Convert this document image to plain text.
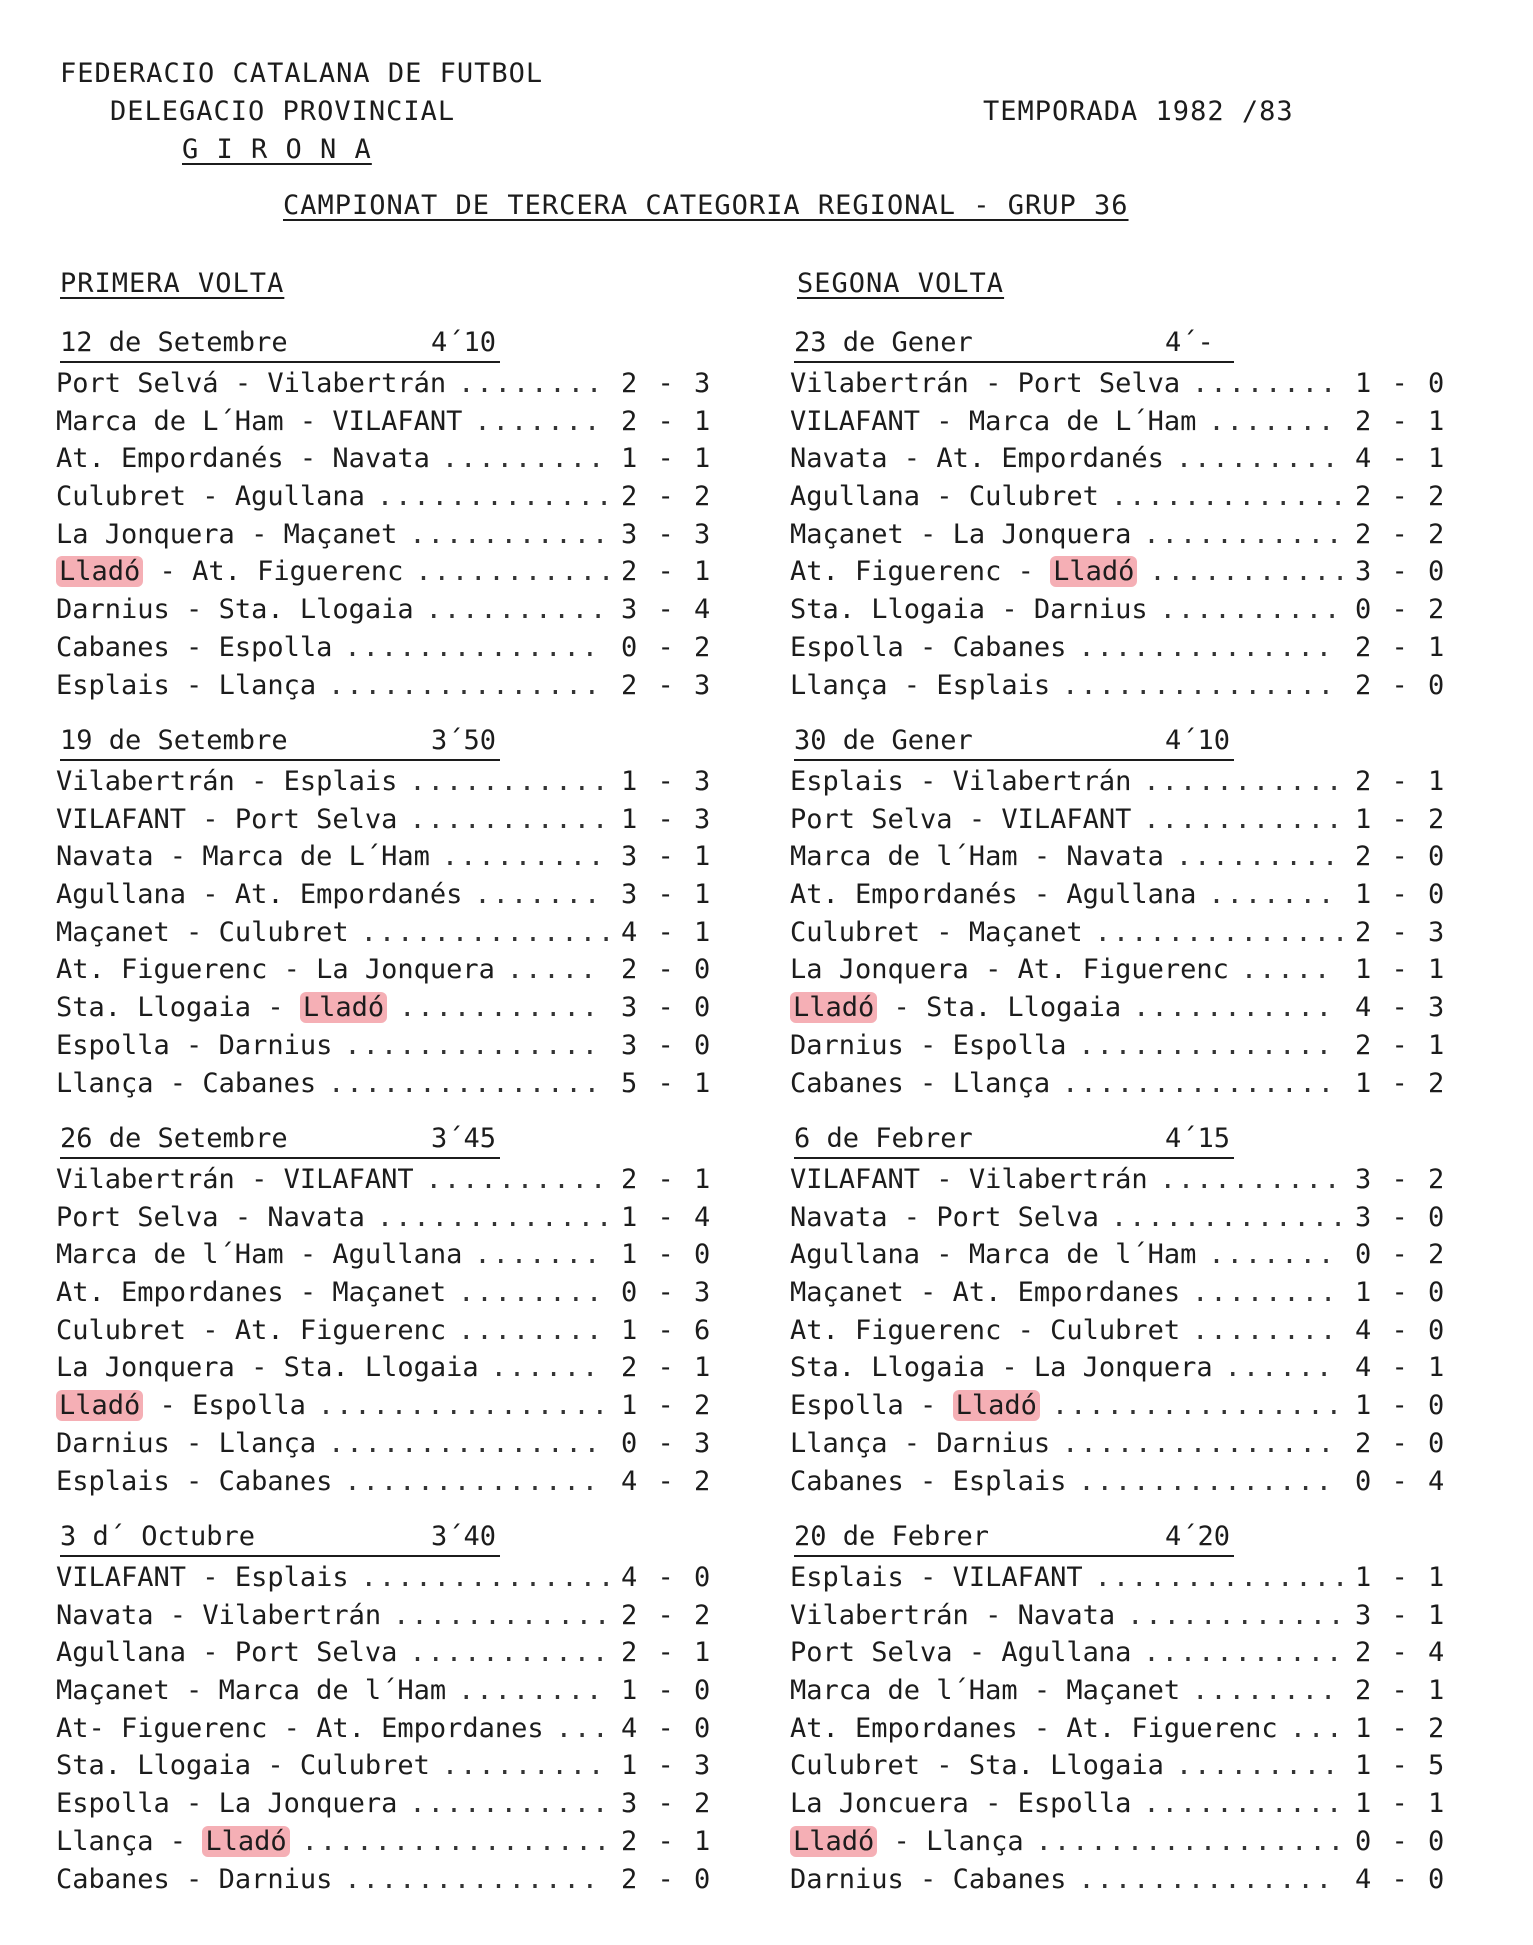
FEDERACIO CATALANA DE FUTBOL
DELEGACIO PROVINCIAL
G I R O N A
TEMPORADA 1982 /83
CAMPIONAT DE TERCERA CATEGORIA REGIONAL - GRUP 36
PRIMERA VOLTA	SEGONA VOLTA
12 de Setembre	4´10
Port Selvá - Vilabertrán	2 - 3
........
Marca de L´Ham - VILAFANT	2 - 1
.......
At. Empordanés - Navata	1 - 1
.........
Culubret - Agullana	2 - 2
.............
La Jonquera - Maçanet	3 - 3
...........
Lladó - At. Figuerenc	2 - 1
...........
Darnius - Sta. Llogaia	3 - 4
..........
Cabanes - Espolla	0 - 2
..............
Esplais - Llança	2 - 3
...............
19 de Setembre	3´50
Vilabertrán - Esplais	1 - 3
...........
VILAFANT - Port Selva	1 - 3
...........
Navata - Marca de L´Ham	3 - 1
.........
Agullana - At. Empordanés	3 - 1
.......
Maçanet - Culubret	4 - 1
..............
At. Figuerenc - La Jonquera	2 - 0
.....
Sta. Llogaia - Lladó	3 - 0
...........
Espolla - Darnius	3 - 0
..............
Llança - Cabanes	5 - 1
...............
26 de Setembre	3´45
Vilabertrán - VILAFANT	2 - 1
..........
Port Selva - Navata	1 - 4
.............
Marca de l´Ham - Agullana	1 - 0
.......
At. Empordanes - Maçanet	0 - 3
........
Culubret - At. Figuerenc	1 - 6
........
La Jonquera - Sta. Llogaia	2 - 1
......
Lladó - Espolla	1 - 2
................
Darnius - Llança	0 - 3
...............
Esplais - Cabanes	4 - 2
..............
3 d´ Octubre	3´40
VILAFANT - Esplais	4 - 0
..............
Navata - Vilabertrán	2 - 2
............
Agullana - Port Selva	2 - 1
...........
Maçanet - Marca de l´Ham	1 - 0
........
At- Figuerenc - At. Empordanes	4 - 0
...
Sta. Llogaia - Culubret	1 - 3
.........
Espolla - La Jonquera	3 - 2
...........
Llança - Lladó	2 - 1
.................
Cabanes - Darnius	2 - 0
..............
23 de Gener	4´-
Vilabertrán - Port Selva	1 - 0
........
VILAFANT - Marca de L´Ham	2 - 1
.......
Navata - At. Empordanés	4 - 1
.........
Agullana - Culubret	2 - 2
.............
Maçanet - La Jonquera	2 - 2
...........
At. Figuerenc - Lladó	3 - 0
...........
Sta. Llogaia - Darnius	0 - 2
..........
Espolla - Cabanes	2 - 1
..............
Llança - Esplais	2 - 0
...............
30 de Gener	4´10
Esplais - Vilabertrán	2 - 1
...........
Port Selva - VILAFANT	1 - 2
...........
Marca de l´Ham - Navata	2 - 0
.........
At. Empordanés - Agullana	1 - 0
.......
Culubret - Maçanet	2 - 3
..............
La Jonquera - At. Figuerenc	1 - 1
.....
Lladó - Sta. Llogaia	4 - 3
...........
Darnius - Espolla	2 - 1
..............
Cabanes - Llança	1 - 2
...............
6 de Febrer	4´15
VILAFANT - Vilabertrán	3 - 2
..........
Navata - Port Selva	3 - 0
.............
Agullana - Marca de l´Ham	0 - 2
.......
Maçanet - At. Empordanes	1 - 0
........
At. Figuerenc - Culubret	4 - 0
........
Sta. Llogaia - La Jonquera	4 - 1
......
Espolla - Lladó	1 - 0
................
Llança - Darnius	2 - 0
...............
Cabanes - Esplais	0 - 4
..............
20 de Febrer	4´20
Esplais - VILAFANT	1 - 1
..............
Vilabertrán - Navata	3 - 1
............
Port Selva - Agullana	2 - 4
...........
Marca de l´Ham - Maçanet	2 - 1
........
At. Empordanes - At. Figuerenc	1 - 2
...
Culubret - Sta. Llogaia	1 - 5
.........
La Joncuera - Espolla	1 - 1
...........
Lladó - Llança	0 - 0
.................
Darnius - Cabanes	4 - 0
..............
